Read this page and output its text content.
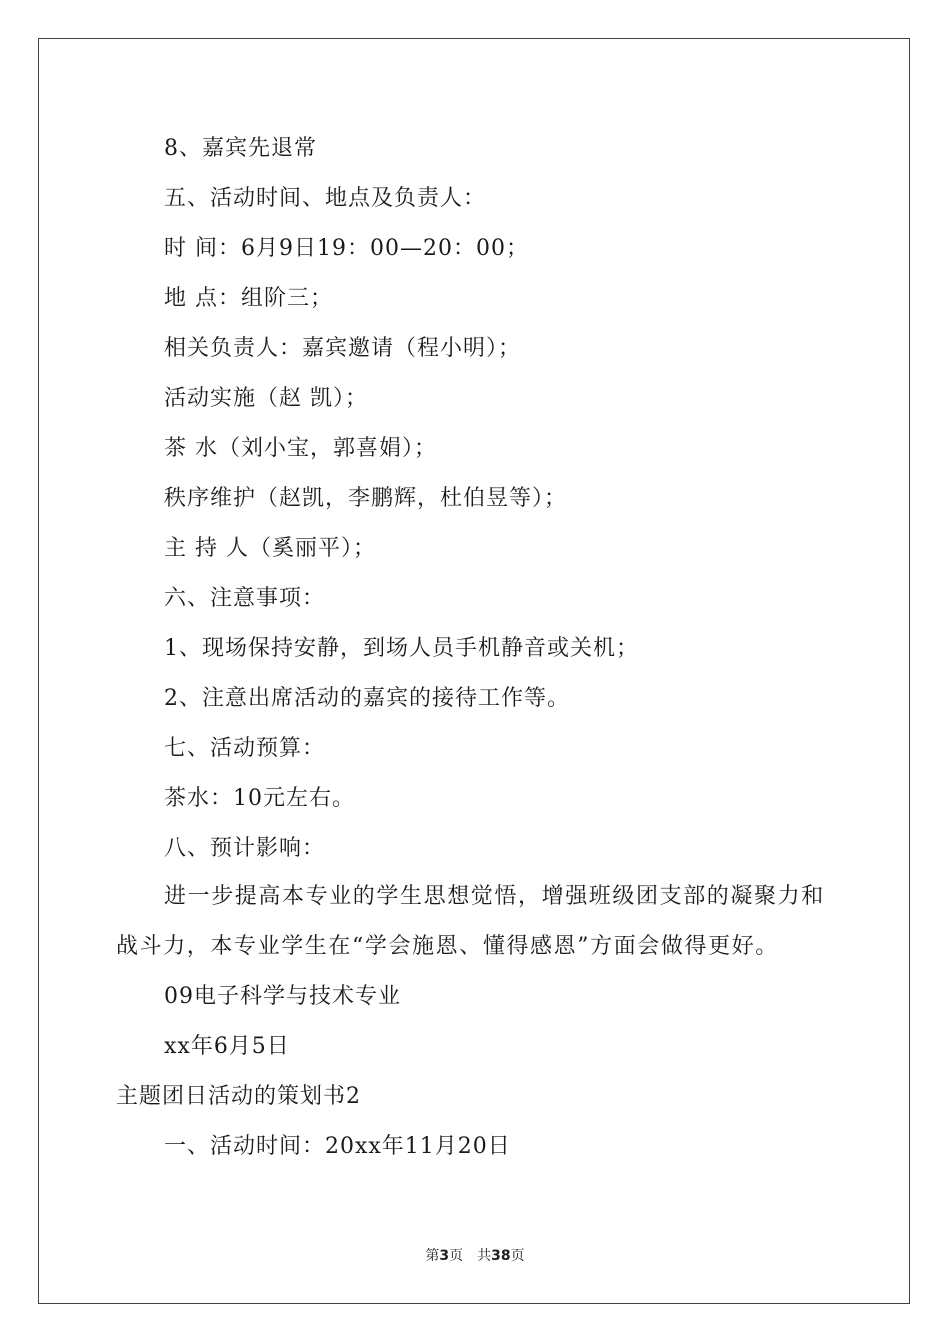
8、嘉宾先退常
五、活动时间、地点及负责人：
时 间：6月9日19：00—20：00；
地 点：组阶三；
相关负责人：嘉宾邀请（程小明）；
活动实施（赵 凯）；
茶 水（刘小宝，郭喜娟）；
秩序维护（赵凯，李鹏辉，杜伯昱等）；
主 持 人（奚丽平）；
六、注意事项：
1、现场保持安静，到场人员手机静音或关机；
2、注意出席活动的嘉宾的接待工作等。
七、活动预算：
茶水：10元左右。
八、预计影响：
进一步提高本专业的学生思想觉悟，增强班级团支部的凝聚力和
战斗力，本专业学生在“学会施恩、懂得感恩”方面会做得更好。
09电子科学与技术专业
xx年6月5日
主题团日活动的策划书2
一、活动时间：20xx年11月20日
第3页 共38页
